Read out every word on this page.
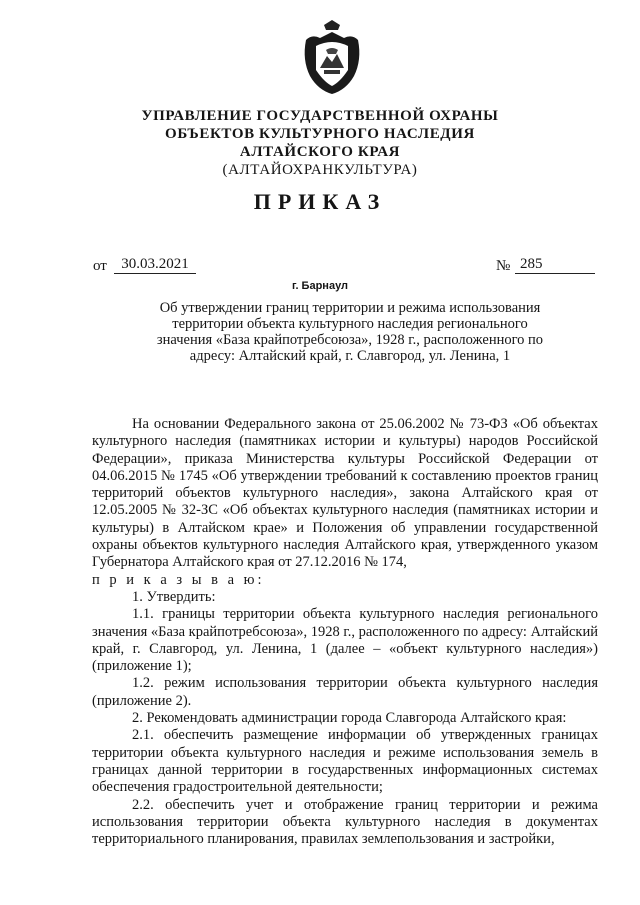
УПРАВЛЕНИЕ ГОСУДАРСТВЕННОЙ ОХРАНЫ
ОБЪЕКТОВ КУЛЬТУРНОГО НАСЛЕДИЯ
АЛТАЙСКОГО КРАЯ
(АЛТАЙОХРАНКУЛЬТУРА)
ПРИКАЗ
от 30.03.2021	№ 285
г. Барнаул
Об утверждении границ территории и режима использования территории объекта культурного наследия регионального значения «База крайпотребсоюза», 1928 г., расположенного по адресу: Алтайский край, г. Славгород, ул. Ленина, 1

На основании Федерального закона от 25.06.2002 № 73-ФЗ «Об объектах культурного наследия (памятниках истории и культуры) народов Российской Федерации», приказа Министерства культуры Российской Федерации от 04.06.2015 № 1745 «Об утверждении требований к составлению проектов границ территорий объектов культурного наследия», закона Алтайского края от 12.05.2005 № 32-ЗС «Об объектах культурного наследия (памятниках истории и культуры) в Алтайском крае» и Положения об управлении государственной охраны объектов культурного наследия Алтайского края, утвержденного указом Губернатора Алтайского края от 27.12.2016 № 174,
п р и к а з ы в а ю:

1. Утвердить:

1.1. границы территории объекта культурного наследия регионального значения «База крайпотребсоюза», 1928 г., расположенного по адресу: Алтайский край, г. Славгород, ул. Ленина, 1 (далее – «объект культурного наследия») (приложение 1);

1.2. режим использования территории объекта культурного наследия (приложение 2).

2. Рекомендовать администрации города Славгорода Алтайского края:

2.1. обеспечить размещение информации об утвержденных границах территории объекта культурного наследия и режиме использования земель в границах данной территории в государственных информационных системах обеспечения градостроительной деятельности;

2.2. обеспечить учет и отображение границ территории и режима использования территории объекта культурного наследия в документах территориального планирования, правилах землепользования и застройки,
